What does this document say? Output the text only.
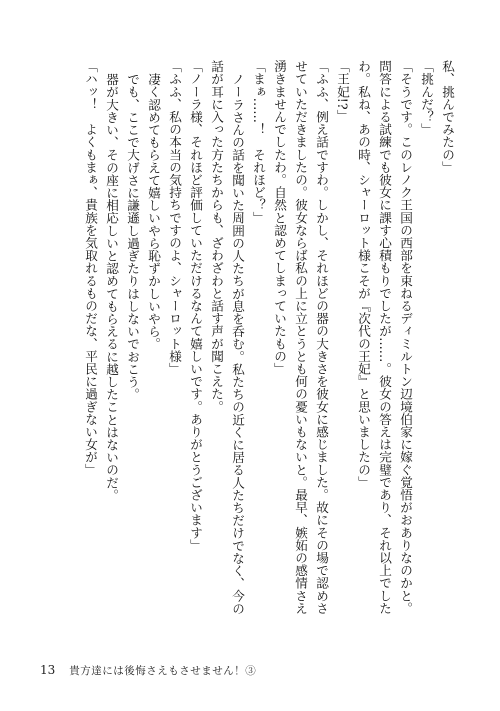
私、挑んでみたの」

「挑んだ？」

「そうです。このレノク王国の西部を束ねるディミルトン辺境伯家に嫁ぐ覚悟がおありなのかと。問答による試練でも彼女に課す心積もりでしたが……。彼女の答えは完璧であり、それ以上でしたわ。私ね、あの時、シャーロット様こそが『次代の王妃』と思いましたの」

「王妃!?」

「ふふ、例え話ですわ。しかし、それほどの器の大きさを彼女に感じました。故にその場で認めさせていただきましたの。彼女ならば私の上に立とうとも何の憂いもないと。最早、嫉妬の感情さえ湧きませんでしたわ。自然と認めてしまっていたもの」

「まぁ……！　それほど？」

ノーラさんの話を聞いた周囲の人たちが息を呑む。私たちの近くに居る人たちだけでなく、今の話が耳に入った方たちからも、ざわざわと話す声が聞こえた。

「ノーラ様、それほど評価していただけるなんて嬉しいです。ありがとうございます」

「ふふ、私の本当の気持ちですのよ、シャーロット様」

凄く認めてもらえて嬉しいやら恥ずかしいやら。

でも、ここで大げさに謙遜し過ぎたりはしないでおこう。

器が大きい、その座に相応しいと認めてもらえるに越したことはないのだ。

「ハッ！　よくもまぁ、貴族を気取れるものだな、平民に過ぎない女が」

13 貴方達には後悔さえもさせません！③
